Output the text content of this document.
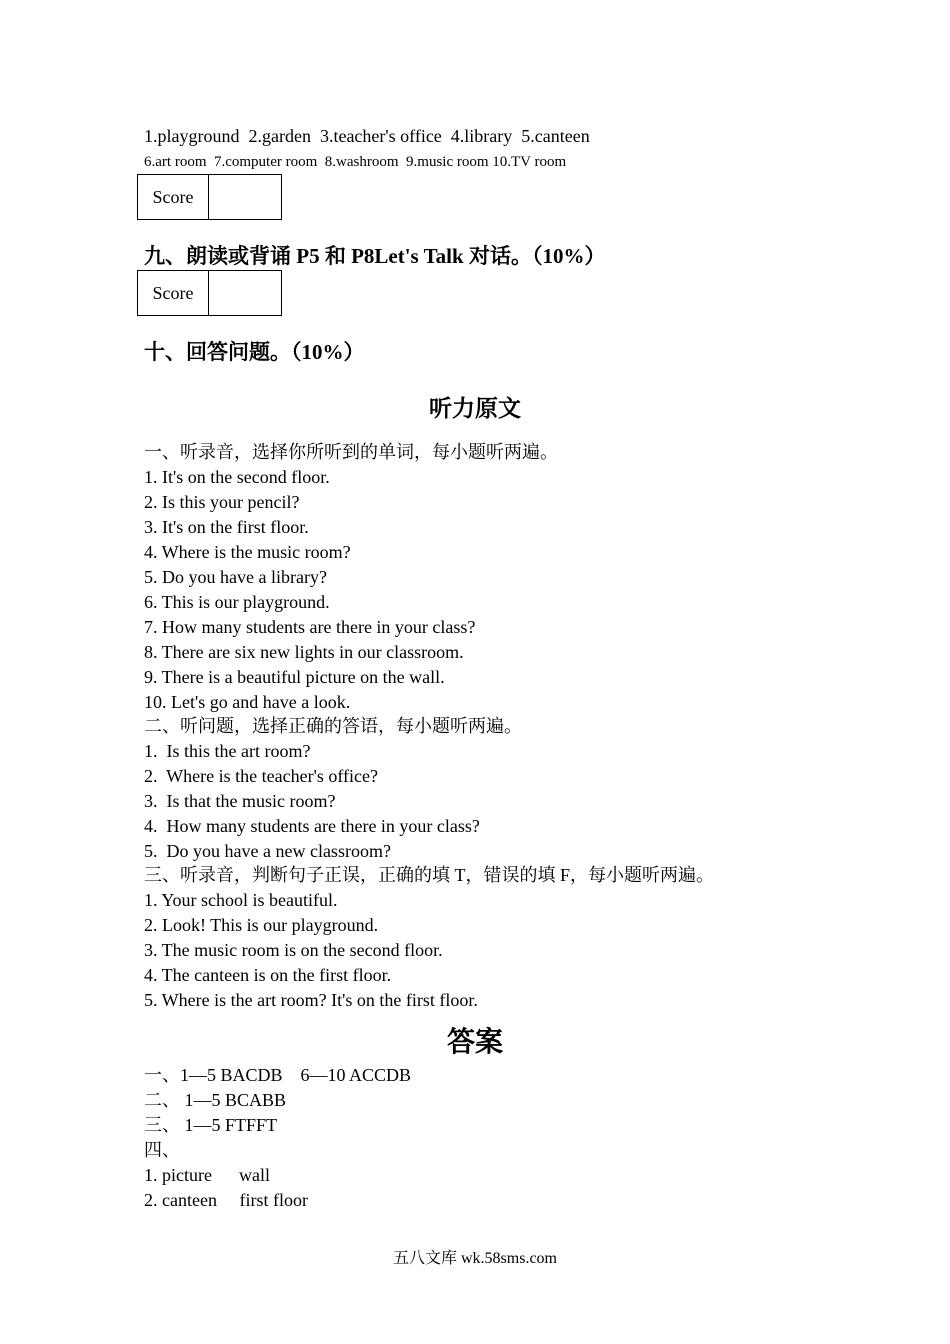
1.playground  2.garden  3.teacher's office  4.library  5.canteen
6.art room  7.computer room  8.washroom  9.music room 10.TV room
Score
九、朗读或背诵 P5 和 P8Let's Talk 对话。（10%）
Score
十、回答问题。（10%）
听力原文
一、听录音，选择你所听到的单词，每小题听两遍。
1. It's on the second floor.
2. Is this your pencil?
3. It's on the first floor.
4. Where is the music room?
5. Do you have a library?
6. This is our playground.
7. How many students are there in your class?
8. There are six new lights in our classroom.
9. There is a beautiful picture on the wall.
10. Let's go and have a look.
二、听问题，选择正确的答语，每小题听两遍。
1.  Is this the art room?
2.  Where is the teacher's office?
3.  Is that the music room?
4.  How many students are there in your class?
5.  Do you have a new classroom?
三、听录音，判断句子正误，正确的填 T，错误的填 F，每小题听两遍。
1. Your school is beautiful.
2. Look! This is our playground.
3. The music room is on the second floor.
4. The canteen is on the first floor.
5. Where is the art room? It's on the first floor.
答案
一、1—5 BACDB    6—10 ACCDB
二、 1—5 BCABB
三、 1—5 FTFFT
四、
1. picture      wall
2. canteen     first floor
五八文库 wk.58sms.com
